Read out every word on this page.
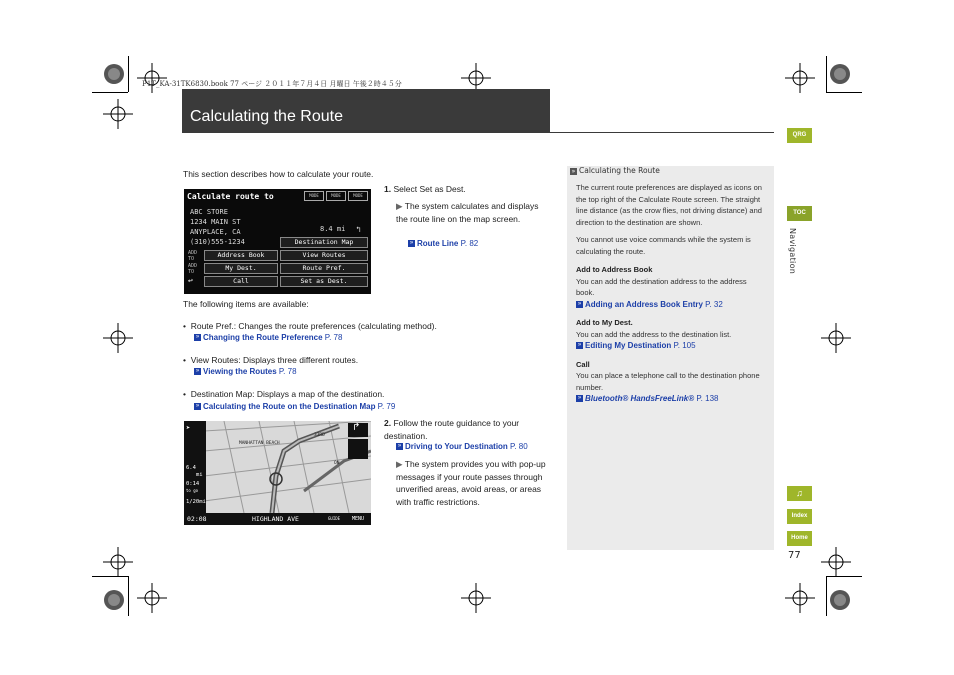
F1T_KA-31TK6830.book 77 ページ ２０１１年７月４日 月曜日 午後２時４５分
Calculating the Route
QRG
TOC
Navigation
♫
Index
Home
77
This section describes how to calculate your route.
Calculate route to	MODE	MODE	MODE
ABC STORE
1234 MAIN ST
ANYPLACE, CA
(310)555-1234
8.4 mi ↰
Destination Map
ADD
TO	Address Book	View Routes
ADD
TO	My Dest.	Route Pref.
↩	Call	Set as Dest.
1. Select Set as Dest.
▶ The system calculates and displays the route line on the map screen.
» Route Line P. 82
The following items are available:
•  Route Pref.: Changes the route preferences (calculating method).
» Changing the Route Preference P. 78
•  View Routes: Displays three different routes.
» Viewing the Routes P. 78
•  Destination Map: Displays a map of the destination.
» Calculating the Route on the Destination Map P. 79
↱
MANHATTAN BEACH
33RD
ON
➤
6.4
mi
0:14
to go
1/20mi
02:08	HIGHLAND AVE	GUIDE MENU
2. Follow the route guidance to your destination.
» Driving to Your Destination P. 80
▶ The system provides you with pop-up messages if your route passes through unverified areas, avoid areas, or areas with traffic restrictions.
» Calculating the Route

The current route preferences are displayed as icons on the top right of the Calculate Route screen. The straight line distance (as the crow flies, not driving distance) and direction to the destination are shown.

You cannot use voice commands while the system is calculating the route.

Add to Address Book
You can add the destination address to the address book.
» Adding an Address Book Entry P. 32
Add to My Dest.
You can add the address to the destination list.
» Editing My Destination P. 105
Call
You can place a telephone call to the destination phone number.
» Bluetooth® HandsFreeLink® P. 138
